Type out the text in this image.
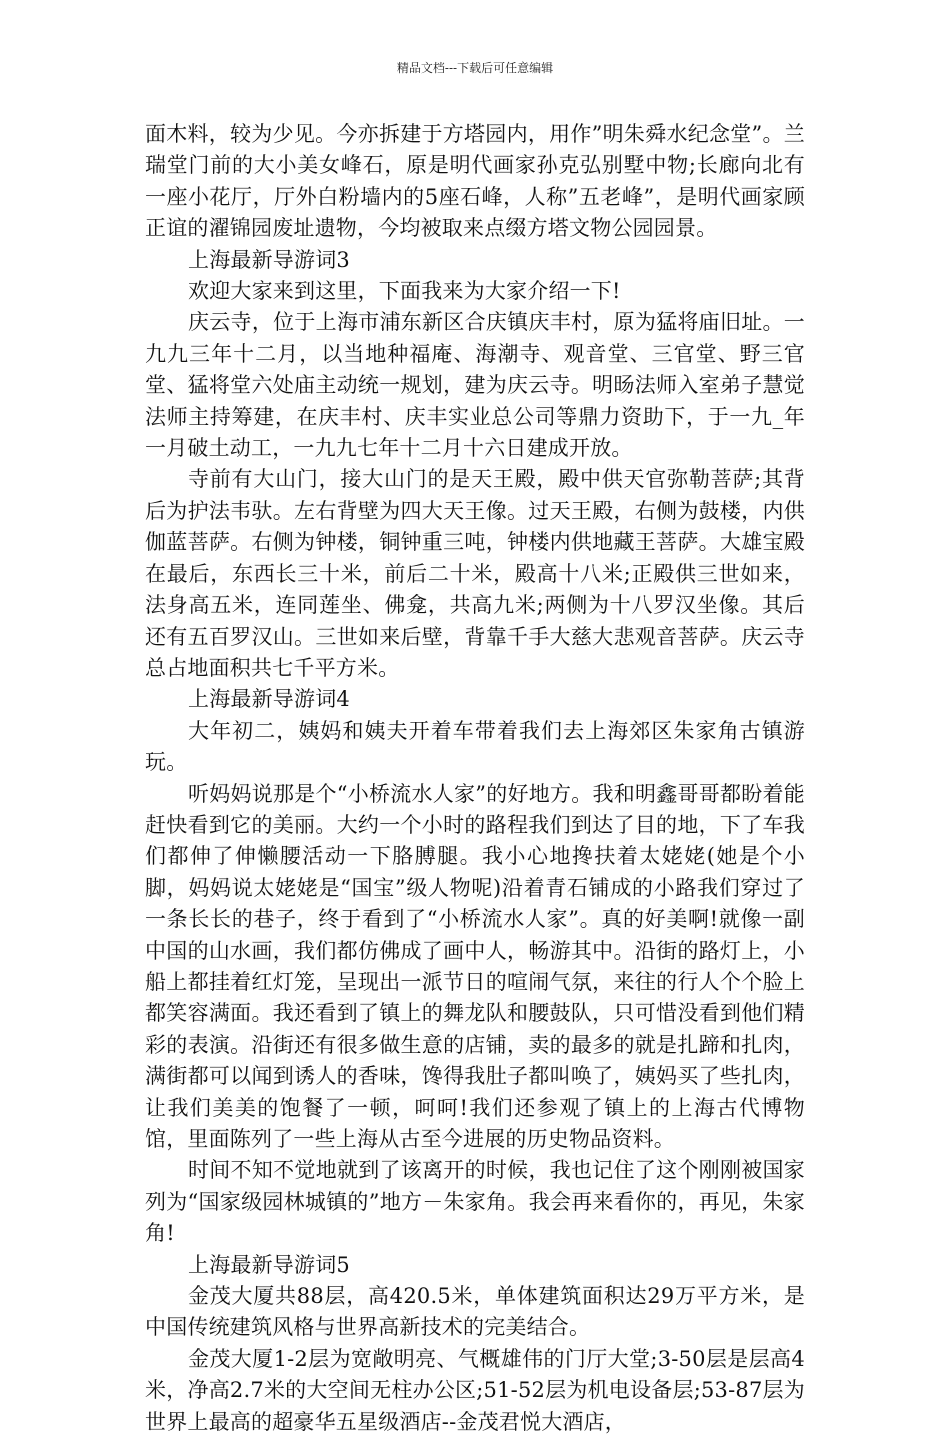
精品文档---下载后可任意编辑

面木料，较为少见。今亦拆建于方塔园内，用作”明朱舜水纪念堂”。兰瑞堂门前的大小美女峰石，原是明代画家孙克弘别墅中物;长廊向北有一座小花厅，厅外白粉墙内的5座石峰，人称”五老峰”，是明代画家顾正谊的濯锦园废址遗物，今均被取来点缀方塔文物公园园景。

上海最新导游词3

欢迎大家来到这里，下面我来为大家介绍一下!

庆云寺，位于上海市浦东新区合庆镇庆丰村，原为猛将庙旧址。一九九三年十二月，以当地种福庵、海潮寺、观音堂、三官堂、野三官堂、猛将堂六处庙主动统一规划，建为庆云寺。明旸法师入室弟子慧觉法师主持筹建，在庆丰村、庆丰实业总公司等鼎力资助下，于一九_年一月破土动工，一九九七年十二月十六日建成开放。

寺前有大山门，接大山门的是天王殿，殿中供天官弥勒菩萨;其背后为护法韦驮。左右背壁为四大天王像。过天王殿，右侧为鼓楼，内供伽蓝菩萨。右侧为钟楼，铜钟重三吨，钟楼内供地藏王菩萨。大雄宝殿在最后，东西长三十米，前后二十米，殿高十八米;正殿供三世如来，法身高五米，连同莲坐、佛龛，共高九米;两侧为十八罗汉坐像。其后还有五百罗汉山。三世如来后壁，背靠千手大慈大悲观音菩萨。庆云寺总占地面积共七千平方米。

上海最新导游词4

大年初二，姨妈和姨夫开着车带着我们去上海郊区朱家角古镇游玩。

听妈妈说那是个“小桥流水人家”的好地方。我和明鑫哥哥都盼着能赶快看到它的美丽。大约一个小时的路程我们到达了目的地，下了车我们都伸了伸懒腰活动一下胳膊腿。我小心地搀扶着太姥姥(她是个小脚，妈妈说太姥姥是“国宝”级人物呢)沿着青石铺成的小路我们穿过了一条长长的巷子，终于看到了“小桥流水人家”。真的好美啊!就像一副中国的山水画，我们都仿佛成了画中人，畅游其中。沿街的路灯上，小船上都挂着红灯笼，呈现出一派节日的喧闹气氛，来往的行人个个脸上都笑容满面。我还看到了镇上的舞龙队和腰鼓队，只可惜没看到他们精彩的表演。沿街还有很多做生意的店铺，卖的最多的就是扎蹄和扎肉，满街都可以闻到诱人的香味，馋得我肚子都叫唤了，姨妈买了些扎肉，让我们美美的饱餐了一顿，呵呵!我们还参观了镇上的上海古代博物馆，里面陈列了一些上海从古至今进展的历史物品资料。

时间不知不觉地就到了该离开的时候，我也记住了这个刚刚被国家列为“国家级园林城镇的”地方－朱家角。我会再来看你的，再见，朱家角!

上海最新导游词5

金茂大厦共88层，高420.5米，单体建筑面积达29万平方米，是中国传统建筑风格与世界高新技术的完美结合。

金茂大厦1-2层为宽敞明亮、气概雄伟的门厅大堂;3-50层是层高4米，净高2.7米的大空间无柱办公区;51-52层为机电设备层;53-87层为世界上最高的超豪华五星级酒店--金茂君悦大酒店，
